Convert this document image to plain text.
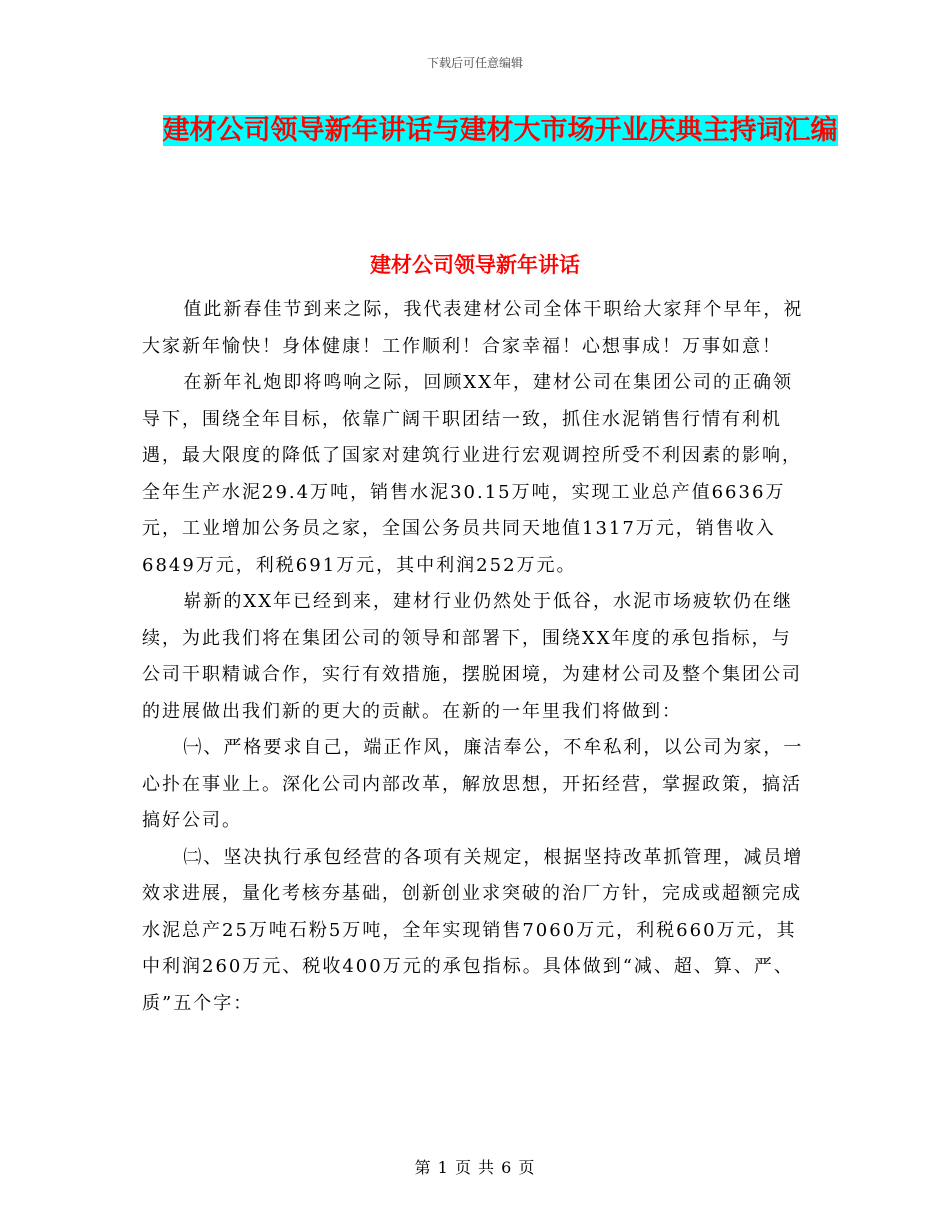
下载后可任意编辑
建材公司领导新年讲话与建材大市场开业庆典主持词汇编
建材公司领导新年讲话

值此新春佳节到来之际，我代表建材公司全体干职给大家拜个早年，祝大家新年愉快！身体健康！工作顺利！合家幸福！心想事成！万事如意！

在新年礼炮即将鸣响之际，回顾XX年，建材公司在集团公司的正确领导下，围绕全年目标，依靠广阔干职团结一致，抓住水泥销售行情有利机遇，最大限度的降低了国家对建筑行业进行宏观调控所受不利因素的影响，全年生产水泥29.4万吨，销售水泥30.15万吨，实现工业总产值6636万元，工业增加公务员之家，全国公务员共同天地值1317万元，销售收入6849万元，利税691万元，其中利润252万元。

崭新的XX年已经到来，建材行业仍然处于低谷，水泥市场疲软仍在继续，为此我们将在集团公司的领导和部署下，围绕XX年度的承包指标，与公司干职精诚合作，实行有效措施，摆脱困境，为建材公司及整个集团公司的进展做出我们新的更大的贡献。在新的一年里我们将做到：

㈠、严格要求自己，端正作风，廉洁奉公，不牟私利，以公司为家，一心扑在事业上。深化公司内部改革，解放思想，开拓经营，掌握政策，搞活搞好公司。

㈡、坚决执行承包经营的各项有关规定，根据坚持改革抓管理，减员增效求进展，量化考核夯基础，创新创业求突破的治厂方针，完成或超额完成水泥总产25万吨石粉5万吨，全年实现销售7060万元，利税660万元，其中利润260万元、税收400万元的承包指标。具体做到“减、超、算、严、质”五个字：

第 1 页 共 6 页
